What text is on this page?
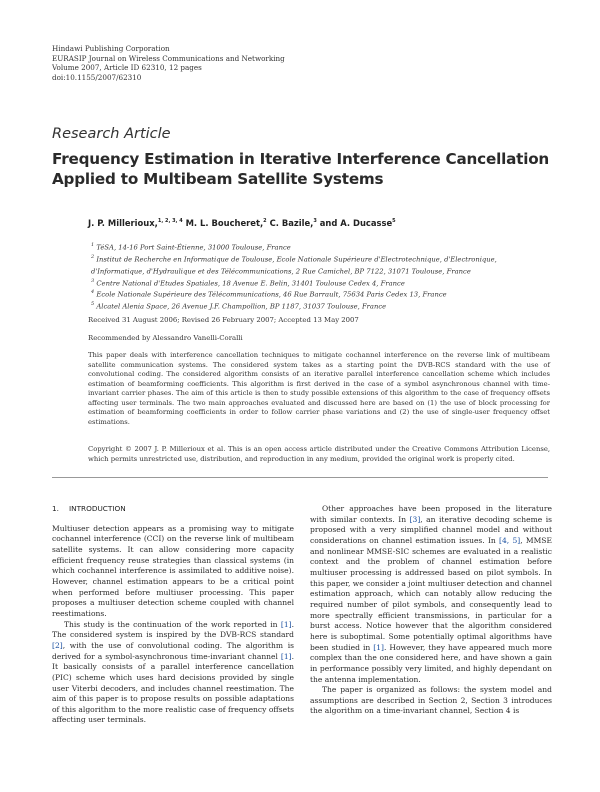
Hindawi Publishing Corporation
EURASIP Journal on Wireless Communications and Networking
Volume 2007, Article ID 62310, 12 pages
doi:10.1155/2007/62310
Research Article
Frequency Estimation in Iterative Interference Cancellation Applied to Multibeam Satellite Systems
J. P. Millerioux,$^{1, 2, 3, 4}$ M. L. Boucheret,$^2$ C. Bazile,$^3$ and A. Ducasse$^5$
$^1$ TéSA, 14-16 Port Saint-Étienne, 31000 Toulouse, France
$^2$ Institut de Recherche en Informatique de Toulouse, Ecole Nationale Supérieure d'Electrotechnique, d'Electronique,
d'Informatique, d'Hydraulique et des Télécommunications, 2 Rue Camichel, BP 7122, 31071 Toulouse, France
$^3$ Centre National d'Etudes Spatiales, 18 Avenue E. Belin, 31401 Toulouse Cedex 4, France
$^4$ Ecole Nationale Supérieure des Télécommunications, 46 Rue Barrault, 75634 Paris Cedex 13, France
$^5$ Alcatel Alenia Space, 26 Avenue J.F. Champollion, BP 1187, 31037 Toulouse, France
Received 31 August 2006; Revised 26 February 2007; Accepted 13 May 2007
Recommended by Alessandro Vanelli-Coralli
This paper deals with interference cancellation techniques to mitigate cochannel interference on the reverse link of multibeam satellite communication systems. The considered system takes as a starting point the DVB-RCS standard with the use of convolutional coding. The considered algorithm consists of an iterative parallel interference cancellation scheme which includes estimation of beamforming coefficients. This algorithm is first derived in the case of a symbol asynchronous channel with time-invariant carrier phases. The aim of this article is then to study possible extensions of this algorithm to the case of frequency offsets affecting user terminals. The two main approaches evaluated and discussed here are based on (1) the use of block processing for estimation of beamforming coefficients in order to follow carrier phase variations and (2) the use of single-user frequency offset estimations.
Copyright © 2007 J. P. Millerioux et al. This is an open access article distributed under the Creative Commons Attribution License, which permits unrestricted use, distribution, and reproduction in any medium, provided the original work is properly cited.
1. INTRODUCTION

Multiuser detection appears as a promising way to mitigate cochannel interference (CCI) on the reverse link of multibeam satellite systems. It can allow considering more capacity efficient frequency reuse strategies than classical systems (in which cochannel interference is assimilated to additive noise). However, channel estimation appears to be a critical point when performed before multiuser processing. This paper proposes a multiuser detection scheme coupled with channel reestimations.

This study is the continuation of the work reported in [1]. The considered system is inspired by the DVB-RCS standard [2], with the use of convolutional coding. The algorithm is derived for a symbol-asynchronous time-invariant channel [1]. It basically consists of a parallel interference cancellation (PIC) scheme which uses hard decisions provided by single user Viterbi decoders, and includes channel reestimation. The aim of this paper is to propose results on possible adaptations of this algorithm to the more realistic case of frequency offsets affecting user terminals.

Other approaches have been proposed in the literature with similar contexts. In [3], an iterative decoding scheme is proposed with a very simplified channel model and without considerations on channel estimation issues. In [4, 5], MMSE and nonlinear MMSE-SIC schemes are evaluated in a realistic context and the problem of channel estimation before multiuser processing is addressed based on pilot symbols. In this paper, we consider a joint multiuser detection and channel estimation approach, which can notably allow reducing the required number of pilot symbols, and consequently lead to more spectrally efficient transmissions, in particular for a burst access. Notice however that the algorithm considered here is suboptimal. Some potentially optimal algorithms have been studied in [1]. However, they have appeared much more complex than the one considered here, and have shown a gain in performance possibly very limited, and highly dependant on the antenna implementation.

The paper is organized as follows: the system model and assumptions are described in Section 2, Section 3 introduces the algorithm on a time-invariant channel, Section 4 is
